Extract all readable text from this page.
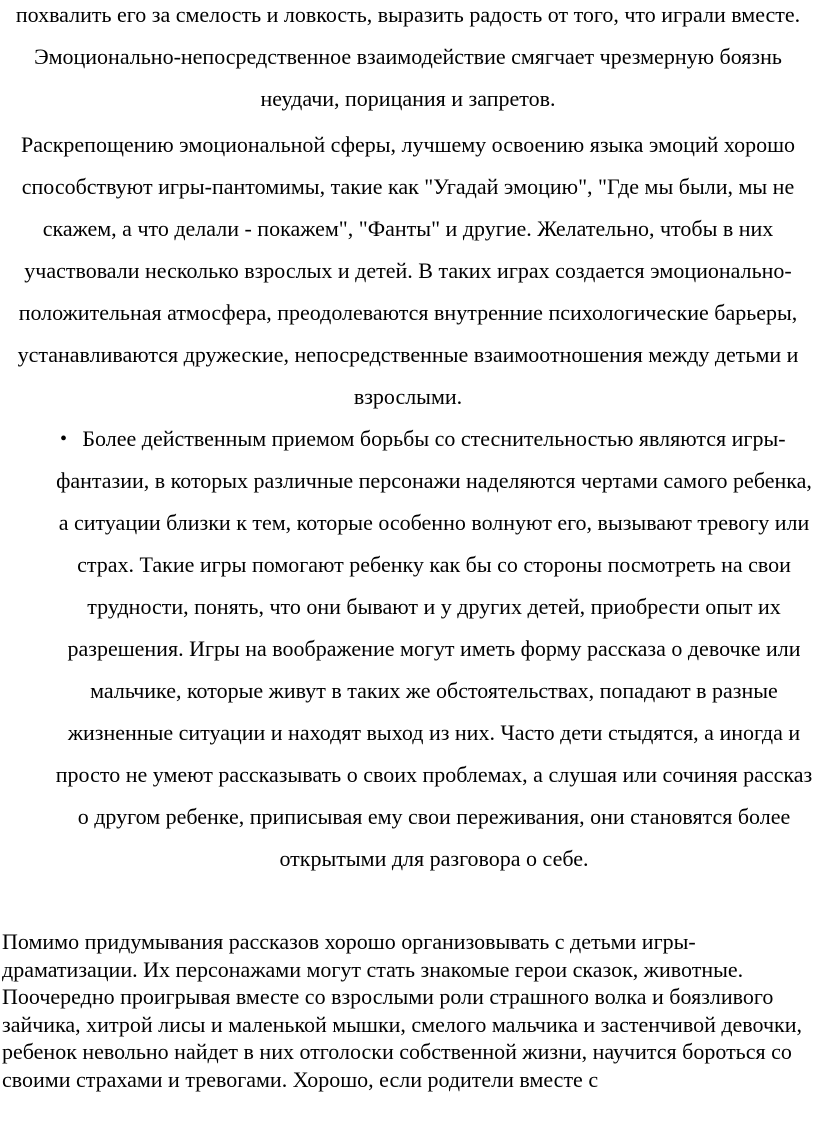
похвалить его за смелость и ловкость, выразить радость от того, что играли вместе. Эмоционально-непосредственное взаимодействие смягчает чрезмерную боязнь неудачи, порицания и запретов.

Раскрепощению эмоциональной сферы, лучшему освоению языка эмоций хорошо способствуют игры-пантомимы, такие как "Угадай эмоцию", "Где мы были, мы не скажем, а что делали - покажем", "Фанты" и другие. Желательно, чтобы в них участвовали несколько взрослых и детей. В таких играх создается эмоционально-положительная атмосфера, преодолеваются внутренние психологические барьеры, устанавливаются дружеские, непосредственные взаимоотношения между детьми и взрослыми.

• Более действенным приемом борьбы со стеснительностью являются игры-фантазии, в которых различные персонажи наделяются чертами самого ребенка, а ситуации близки к тем, которые особенно волнуют его, вызывают тревогу или страх. Такие игры помогают ребенку как бы со стороны посмотреть на свои трудности, понять, что они бывают и у других детей, приобрести опыт их разрешения. Игры на воображение могут иметь форму рассказа о девочке или мальчике, которые живут в таких же обстоятельствах, попадают в разные жизненные ситуации и находят выход из них. Часто дети стыдятся, а иногда и просто не умеют рассказывать о своих проблемах, а слушая или сочиняя рассказ о другом ребенке, приписывая ему свои переживания, они становятся более открытыми для разговора о себе.

Помимо придумывания рассказов хорошо организовывать с детьми игры-драматизации. Их персонажами могут стать знакомые герои сказок, животные. Поочередно проигрывая вместе со взрослыми роли страшного волка и боязливого зайчика, хитрой лисы и маленькой мышки, смелого мальчика и застенчивой девочки, ребенок невольно найдет в них отголоски собственной жизни, научится бороться со своими страхами и тревогами. Хорошо, если родители вместе с
